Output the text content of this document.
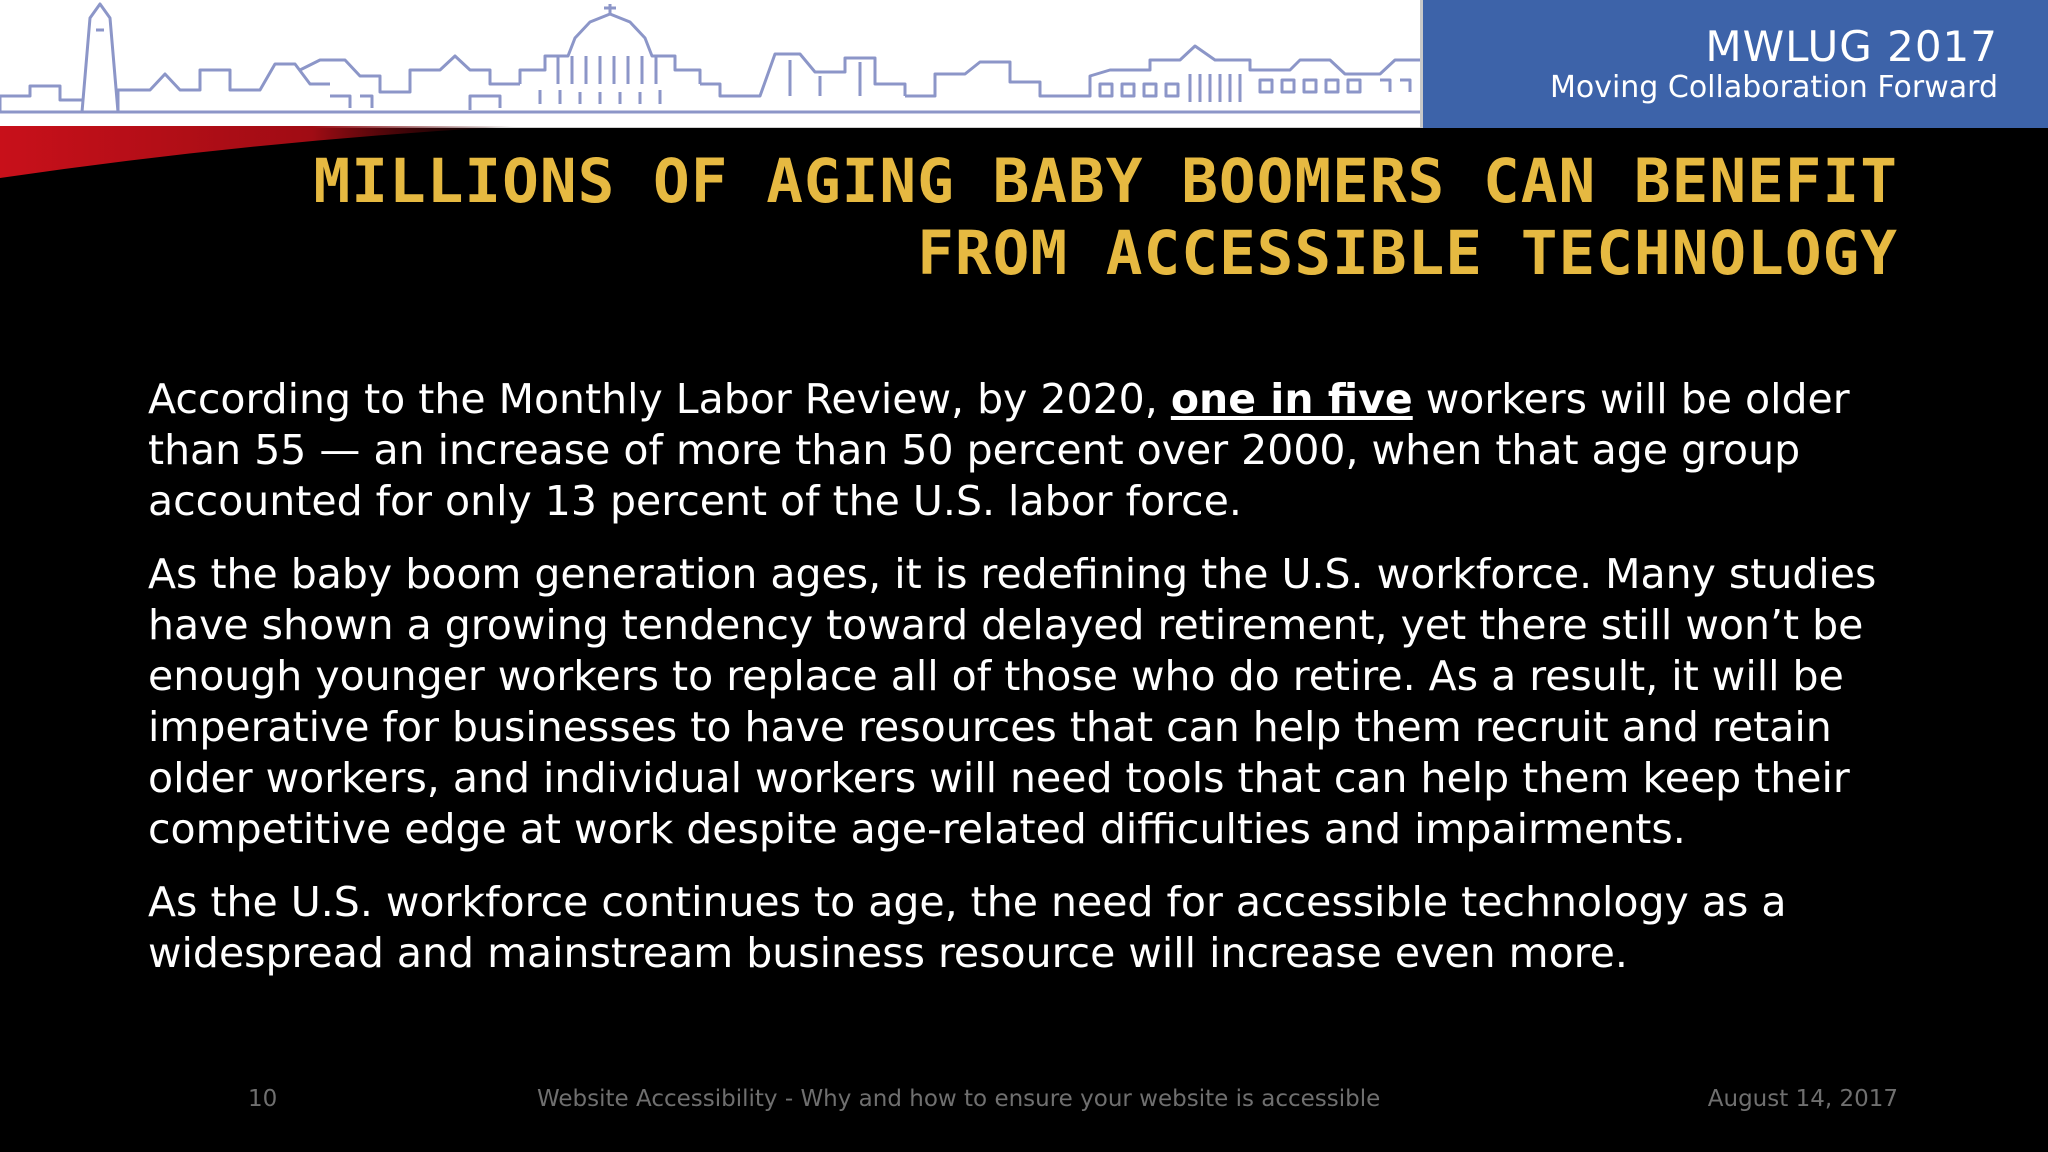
MWLUG 2017
Moving Collaboration Forward
MILLIONS OF AGING BABY BOOMERS CAN BENEFIT
FROM ACCESSIBLE TECHNOLOGY

According to the Monthly Labor Review, by 2020, one in five workers will be older than 55 — an increase of more than 50 percent over 2000, when that age group accounted for only 13 percent of the U.S. labor force.

As the baby boom generation ages, it is redefining the U.S. workforce. Many studies have shown a growing tendency toward delayed retirement, yet there still won’t be enough younger workers to replace all of those who do retire. As a result, it will be imperative for businesses to have resources that can help them recruit and retain older workers, and individual workers will need tools that can help them keep their competitive edge at work despite age-related difficulties and impairments.

As the U.S. workforce continues to age, the need for accessible technology as a widespread and mainstream business resource will increase even more.

10	Website Accessibility - Why and how to ensure your website is accessible	August 14, 2017
